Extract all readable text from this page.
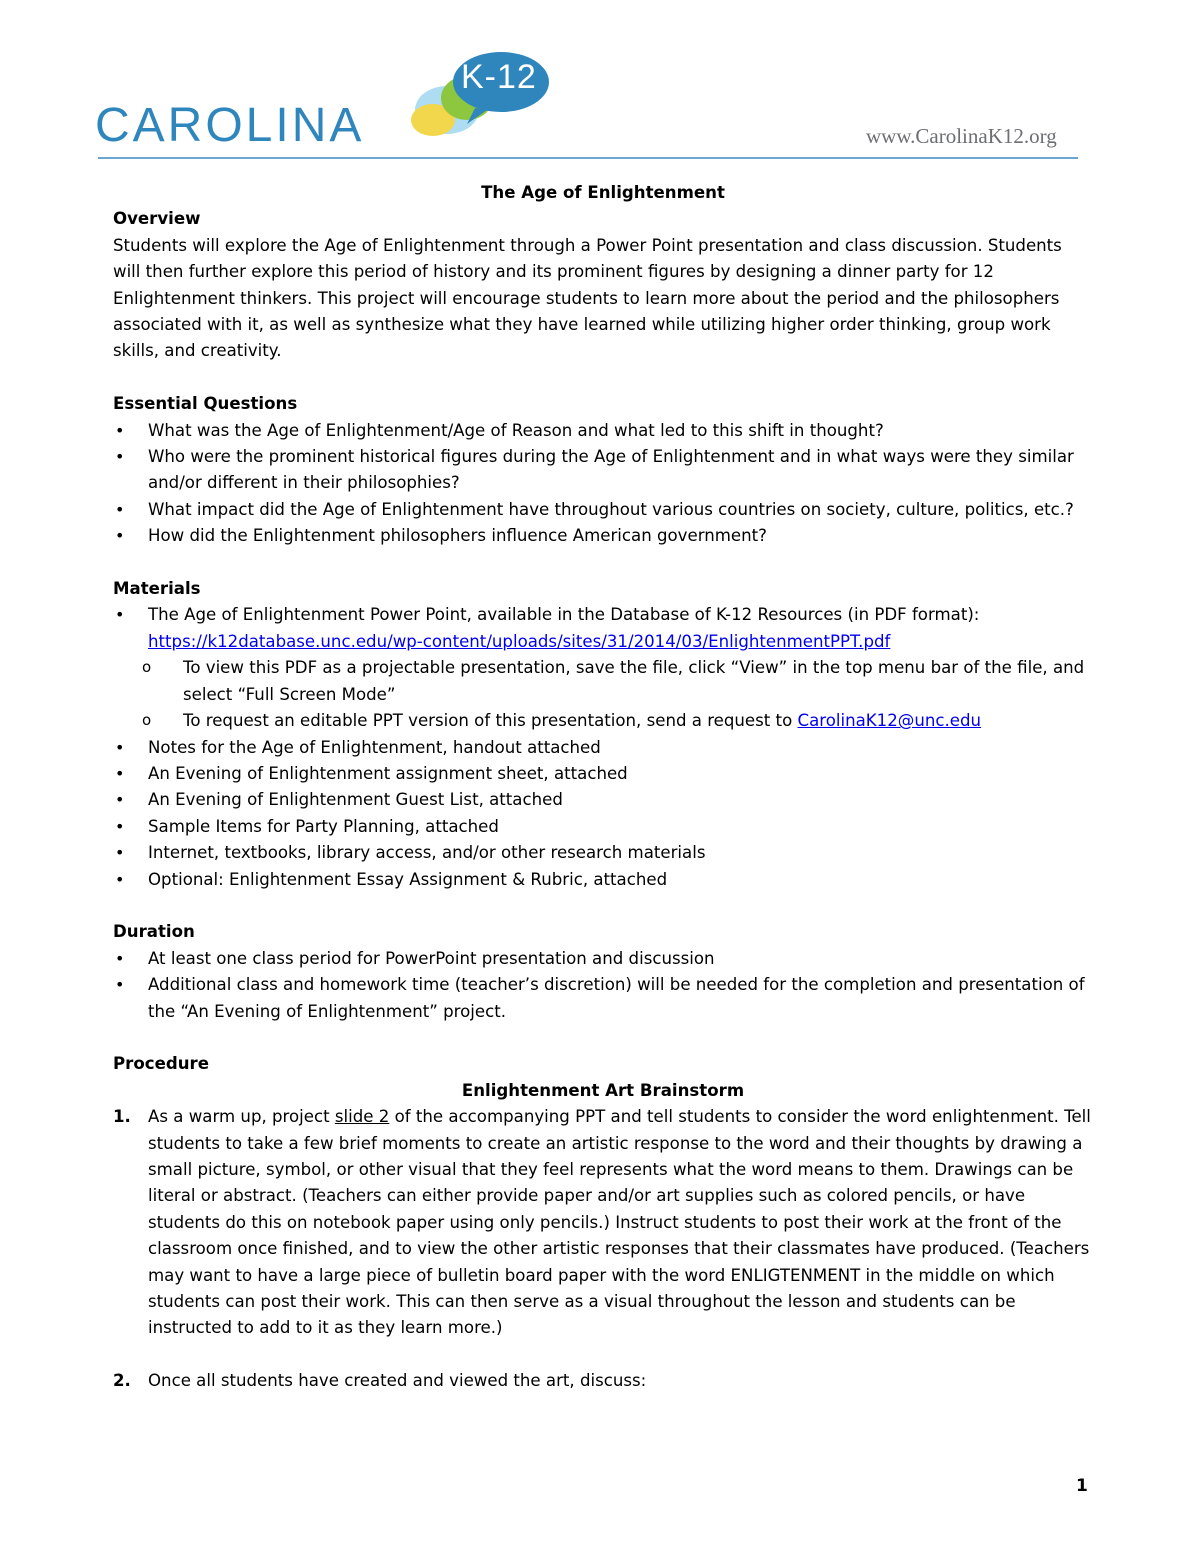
K-12
CAROLINA	www.CarolinaK12.org

The Age of Enlightenment

Overview

Students will explore the Age of Enlightenment through a Power Point presentation and class discussion. Students will then further explore this period of history and its prominent figures by designing a dinner party for 12 Enlightenment thinkers. This project will encourage students to learn more about the period and the philosophers associated with it, as well as synthesize what they have learned while utilizing higher order thinking, group work skills, and creativity.

Essential Questions

• What was the Age of Enlightenment/Age of Reason and what led to this shift in thought?
• Who were the prominent historical figures during the Age of Enlightenment and in what ways were they similar and/or different in their philosophies?
• What impact did the Age of Enlightenment have throughout various countries on society, culture, politics, etc.?
• How did the Enlightenment philosophers influence American government?

Materials

• The Age of Enlightenment Power Point, available in the Database of K-12 Resources (in PDF format):
https://k12database.unc.edu/wp-content/uploads/sites/31/2014/03/EnlightenmentPPT.pdf
o To view this PDF as a projectable presentation, save the file, click “View” in the top menu bar of the file, and select “Full Screen Mode”
o To request an editable PPT version of this presentation, send a request to CarolinaK12@unc.edu
• Notes for the Age of Enlightenment, handout attached
• An Evening of Enlightenment assignment sheet, attached
• An Evening of Enlightenment Guest List, attached
• Sample Items for Party Planning, attached
• Internet, textbooks, library access, and/or other research materials
• Optional: Enlightenment Essay Assignment & Rubric, attached

Duration

• At least one class period for PowerPoint presentation and discussion
• Additional class and homework time (teacher’s discretion) will be needed for the completion and presentation of the “An Evening of Enlightenment” project.

Procedure

Enlightenment Art Brainstorm

1. As a warm up, project slide 2 of the accompanying PPT and tell students to consider the word enlightenment. Tell students to take a few brief moments to create an artistic response to the word and their thoughts by drawing a small picture, symbol, or other visual that they feel represents what the word means to them. Drawings can be literal or abstract. (Teachers can either provide paper and/or art supplies such as colored pencils, or have students do this on notebook paper using only pencils.) Instruct students to post their work at the front of the classroom once finished, and to view the other artistic responses that their classmates have produced. (Teachers may want to have a large piece of bulletin board paper with the word ENLIGTENMENT in the middle on which students can post their work. This can then serve as a visual throughout the lesson and students can be instructed to add to it as they learn more.)
2. Once all students have created and viewed the art, discuss:
1
